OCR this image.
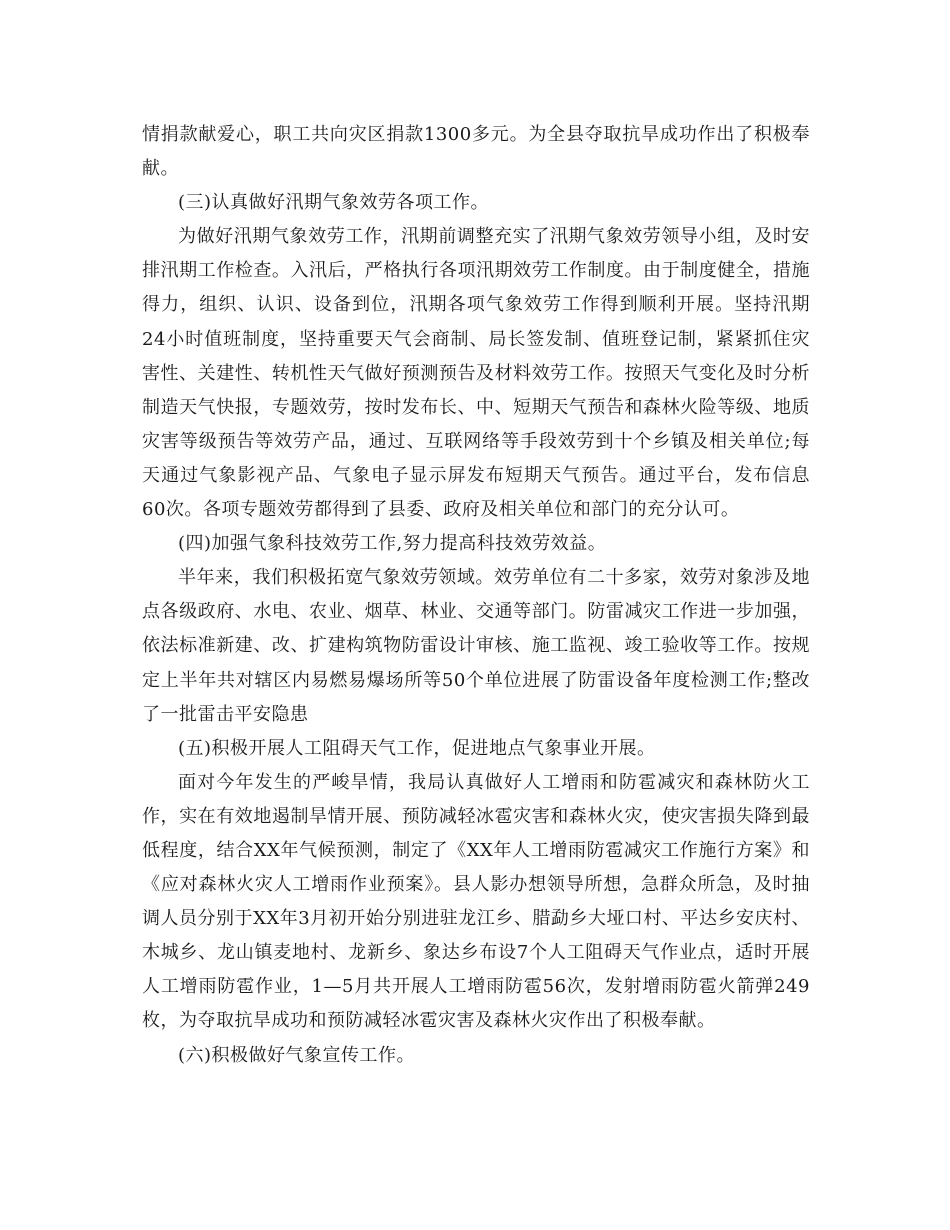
情捐款献爱心，职工共向灾区捐款1300多元。为全县夺取抗旱成功作出了积极奉献。

(三)认真做好汛期气象效劳各项工作。

为做好汛期气象效劳工作，汛期前调整充实了汛期气象效劳领导小组，及时安排汛期工作检查。入汛后，严格执行各项汛期效劳工作制度。由于制度健全，措施得力，组织、认识、设备到位，汛期各项气象效劳工作得到顺利开展。坚持汛期24小时值班制度，坚持重要天气会商制、局长签发制、值班登记制，紧紧抓住灾害性、关建性、转机性天气做好预测预告及材料效劳工作。按照天气变化及时分析制造天气快报，专题效劳，按时发布长、中、短期天气预告和森林火险等级、地质灾害等级预告等效劳产品，通过、互联网络等手段效劳到十个乡镇及相关单位;每天通过气象影视产品、气象电子显示屏发布短期天气预告。通过平台，发布信息60次。各项专题效劳都得到了县委、政府及相关单位和部门的充分认可。

(四)加强气象科技效劳工作,努力提高科技效劳效益。

半年来，我们积极拓宽气象效劳领域。效劳单位有二十多家，效劳对象涉及地点各级政府、水电、农业、烟草、林业、交通等部门。防雷减灾工作进一步加强，依法标准新建、改、扩建构筑物防雷设计审核、施工监视、竣工验收等工作。按规定上半年共对辖区内易燃易爆场所等50个单位进展了防雷设备年度检测工作;整改了一批雷击平安隐患

(五)积极开展人工阻碍天气工作，促进地点气象事业开展。

面对今年发生的严峻旱情，我局认真做好人工增雨和防雹减灾和森林防火工作，实在有效地遏制旱情开展、预防减轻冰雹灾害和森林火灾，使灾害损失降到最低程度，结合XX年气候预测，制定了《XX年人工增雨防雹减灾工作施行方案》和《应对森林火灾人工增雨作业预案》。县人影办想领导所想，急群众所急，及时抽调人员分别于XX年3月初开始分别进驻龙江乡、腊勐乡大垭口村、平达乡安庆村、木城乡、龙山镇麦地村、龙新乡、象达乡布设7个人工阻碍天气作业点，适时开展人工增雨防雹作业，1—5月共开展人工增雨防雹56次，发射增雨防雹火箭弹249枚，为夺取抗旱成功和预防减轻冰雹灾害及森林火灾作出了积极奉献。

(六)积极做好气象宣传工作。
